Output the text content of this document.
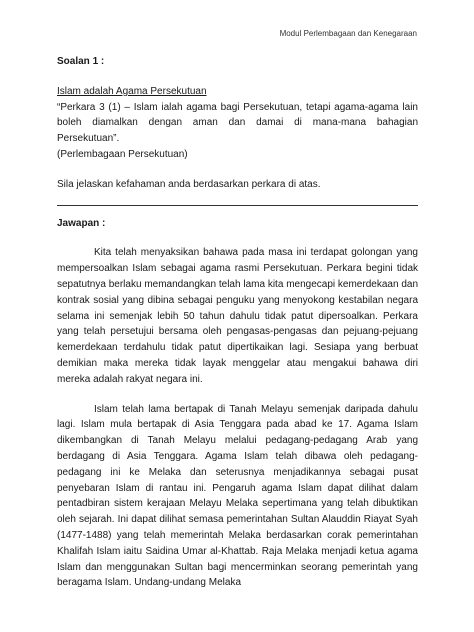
Modul Perlembagaan dan Kenegaraan

Soalan 1 :

Islam adalah Agama Persekutuan

“Perkara 3 (1) – Islam ialah agama bagi Persekutuan, tetapi agama-agama lain boleh diamalkan dengan aman dan damai di mana-mana bahagian Persekutuan”.

(Perlembagaan Persekutuan)

Sila jelaskan kefahaman anda berdasarkan perkara di atas.

Jawapan :

Kita telah menyaksikan bahawa pada masa ini terdapat golongan yang mempersoalkan Islam sebagai agama rasmi Persekutuan. Perkara begini tidak sepatutnya berlaku memandangkan telah lama kita mengecapi kemerdekaan dan kontrak sosial yang dibina sebagai penguku yang menyokong kestabilan negara selama ini semenjak lebih 50 tahun dahulu tidak patut dipersoalkan. Perkara yang telah persetujui bersama oleh pengasas-pengasas dan pejuang-pejuang kemerdekaan terdahulu tidak patut dipertikaikan lagi. Sesiapa yang berbuat demikian maka mereka tidak layak menggelar atau mengakui bahawa diri mereka adalah rakyat negara ini.

Islam telah lama bertapak di Tanah Melayu semenjak daripada dahulu lagi. Islam mula bertapak di Asia Tenggara pada abad ke 17. Agama Islam dikembangkan di Tanah Melayu melalui pedagang-pedagang Arab yang berdagang di Asia Tenggara. Agama Islam telah dibawa oleh pedagang-pedagang ini ke Melaka dan seterusnya menjadikannya sebagai pusat penyebaran Islam di rantau ini. Pengaruh agama Islam dapat dilihat dalam pentadbiran sistem kerajaan Melayu Melaka sepertimana yang telah dibuktikan oleh sejarah. Ini dapat dilihat semasa pemerintahan Sultan Alauddin Riayat Syah (1477-1488) yang telah memerintah Melaka berdasarkan corak pemerintahan Khalifah Islam iaitu Saidina Umar al-Khattab. Raja Melaka menjadi ketua agama Islam dan menggunakan Sultan bagi mencerminkan seorang pemerintah yang beragama Islam. Undang-undang Melaka
